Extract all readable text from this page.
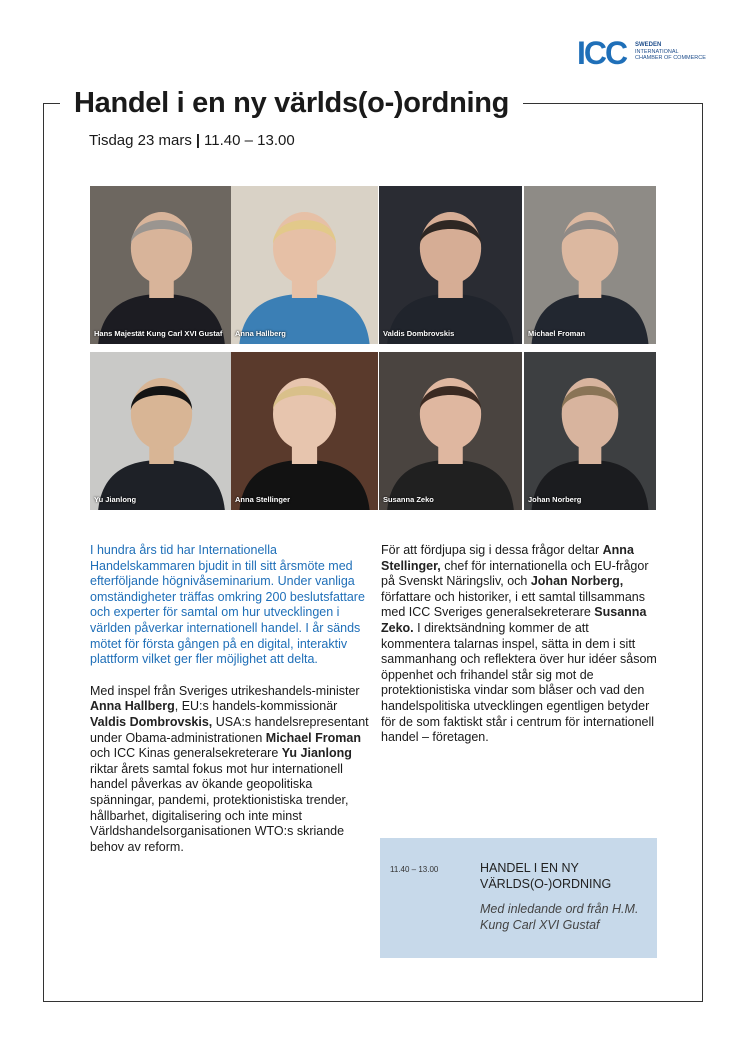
ICC SWEDEN
INTERNATIONAL
CHAMBER OF COMMERCE
Handel i en ny världs(o-)ordning
Tisdag 23 mars | 11.40 – 13.00
Hans Majestät Kung Carl XVI Gustaf Anna Hallberg	Valdis Dombrovskis	Michael Froman
Yu Jianlong	Anna Stellinger	Susanna Zeko	Johan Norberg

I hundra års tid har Internationella Handelskammaren bjudit in till sitt årsmöte med efterföljande högnivåseminarium. Under vanliga omständigheter träffas omkring 200 beslutsfattare och experter för samtal om hur utvecklingen i världen påverkar internationell handel. I år sänds mötet för första gången på en digital, interaktiv plattform vilket ger fler möjlighet att delta.

Med inspel från Sveriges utrikeshandels-minister Anna Hallberg, EU:s handels-kommissionär Valdis Dombrovskis, USA:s handelsrepresentant under Obama-administrationen Michael Froman och ICC Kinas generalsekreterare Yu Jianlong riktar årets samtal fokus mot hur internationell handel påverkas av ökande geopolitiska spänningar, pandemi, protektionistiska trender, hållbarhet, digitalisering och inte minst Världshandelsorganisationen WTO:s skriande behov av reform.

För att fördjupa sig i dessa frågor deltar Anna Stellinger, chef för internationella och EU-frågor på Svenskt Näringsliv, och Johan Norberg, författare och historiker, i ett samtal tillsammans med ICC Sveriges generalsekreterare Susanna Zeko. I direktsändning kommer de att kommentera talarnas inspel, sätta in dem i sitt sammanhang och reflektera över hur idéer såsom öppenhet och frihandel står sig mot de protektionistiska vindar som blåser och vad den handelspolitiska utvecklingen egentligen betyder för de som faktiskt står i centrum för internationell handel – företagen.

11.40 – 13.00	HANDEL I EN NY VÄRLDS(O-)ORDNING
Med inledande ord från H.M. Kung Carl XVI Gustaf
